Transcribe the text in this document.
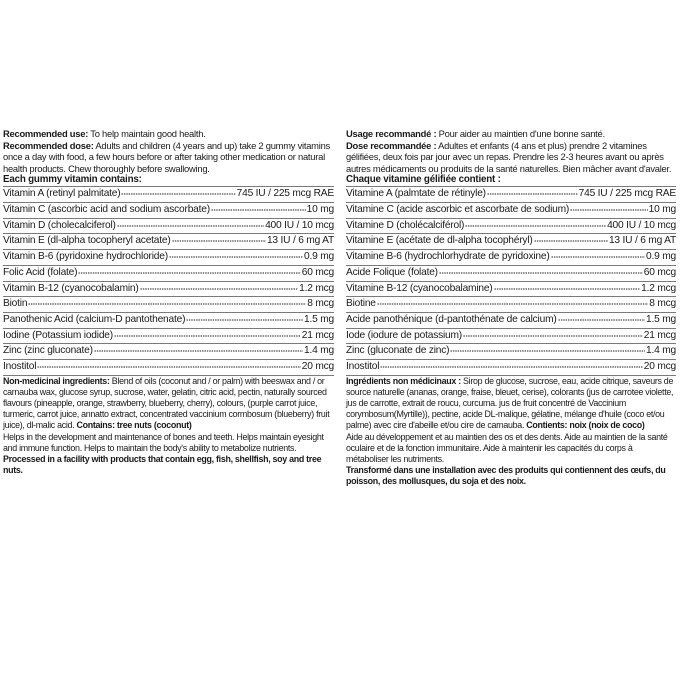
Recommended use: To help maintain good health.

Recommended dose: Adults and children (4 years and up) take 2 gummy vitamins once a day with food, a few hours before or after taking other medication or natural health products. Chew thoroughly before swallowing.

Each gummy vitamin contains:

Vitamin A (retinyl palmitate)	745 IU / 225 mcg RAE
Vitamin C (ascorbic acid and sodium ascorbate)	10 mg
Vitamin D (cholecalciferol)	400 IU / 10 mcg
Vitamin E (dl-alpha tocopheryl acetate)	13 IU / 6 mg AT
Vitamin B-6 (pyridoxine hydrochloride)	0.9 mg
Folic Acid (folate)	60 mcg
Vitamin B-12 (cyanocobalamin)	1.2 mcg
Biotin	8 mcg
Panothenic Acid (calcium-D pantothenate)	1.5 mg
Iodine (Potassium iodide)	21 mcg
Zinc (zinc gluconate)	1.4 mg
Inostitol	20 mcg

Non-medicinal ingredients: Blend of oils (coconut and / or palm) with beeswax and / or carnauba wax, glucose syrup, sucrose, water, gelatin, citric acid, pectin, naturally sourced flavours (pineapple, orange, strawberry, blueberry, cherry), colours, (purple carrot juice, turmeric, carrot juice, annatto extract, concentrated vaccinium cormbosum (blueberry) fruit juice), dl-malic acid. Contains: tree nuts (coconut)

Helps in the development and maintenance of bones and teeth. Helps maintain eyesight and immune function. Helps to maintain the body's ability to metabolize nutrients.

Processed in a facility with products that contain egg, fish, shellfish, soy and tree nuts.

Usage recommandé : Pour aider au maintien d'une bonne santé.

Dose recommandée : Adultes et enfants (4 ans et plus) prendre 2 vitamines gélifiées, deux fois par jour avec un repas. Prendre les 2-3 heures avant ou après autres médicaments ou produits de la santé naturelles. Bien mâcher avant d'avaler.

Chaque vitamine gélifiée contient :

Vitamine A (palmtate de rétinyle)	745 IU / 225 mcg RAE
Vitamine C (acide ascorbic et ascorbate de sodium)	10 mg
Vitamine D (cholécalciférol)	400 IU / 10 mcg
Vitamine E (acétate de dl-alpha tocophéryl)	13 IU / 6 mg AT
Vitamine B-6 (hydrochlorhydrate de pyridoxine)	0.9 mg
Acide Folique (folate)	60 mcg
Vitamine B-12 (cyanocobalamine)	1.2 mcg
Biotine	8 mcg
Acide panothénique (d-pantothénate de calcium)	1.5 mg
Iode (iodure de potassium)	21 mcg
Zinc (gluconate de zinc)	1.4 mg
Inostitol	20 mcg

Ingrédients non médicinaux : Sirop de glucose, sucrose, eau, acide citrique, saveurs de source naturelle (ananas, orange, fraise, bleuet, cerise), colorants (jus de carrotee violette, jus de carrotte, extrait de roucu, curcuma. jus de fruit concentré de Vaccinium corymbosum(Myrtille)), pectine, acide DL-malique, gélatine, mélange d'huile (coco et/ou palme) avec cire d'abeille et/ou cire de carnauba. Contients: noix (noix de coco)

Aide au développement et au maintien des os et des dents. Aide au maintien de la santé oculaire et de la fonction immunitaire. Aide à maintenir les capacités du corps à métaboliser les nutriments.

Transformé dans une installation avec des produits qui contiennent des œufs, du poisson, des mollusques, du soja et des noix.
